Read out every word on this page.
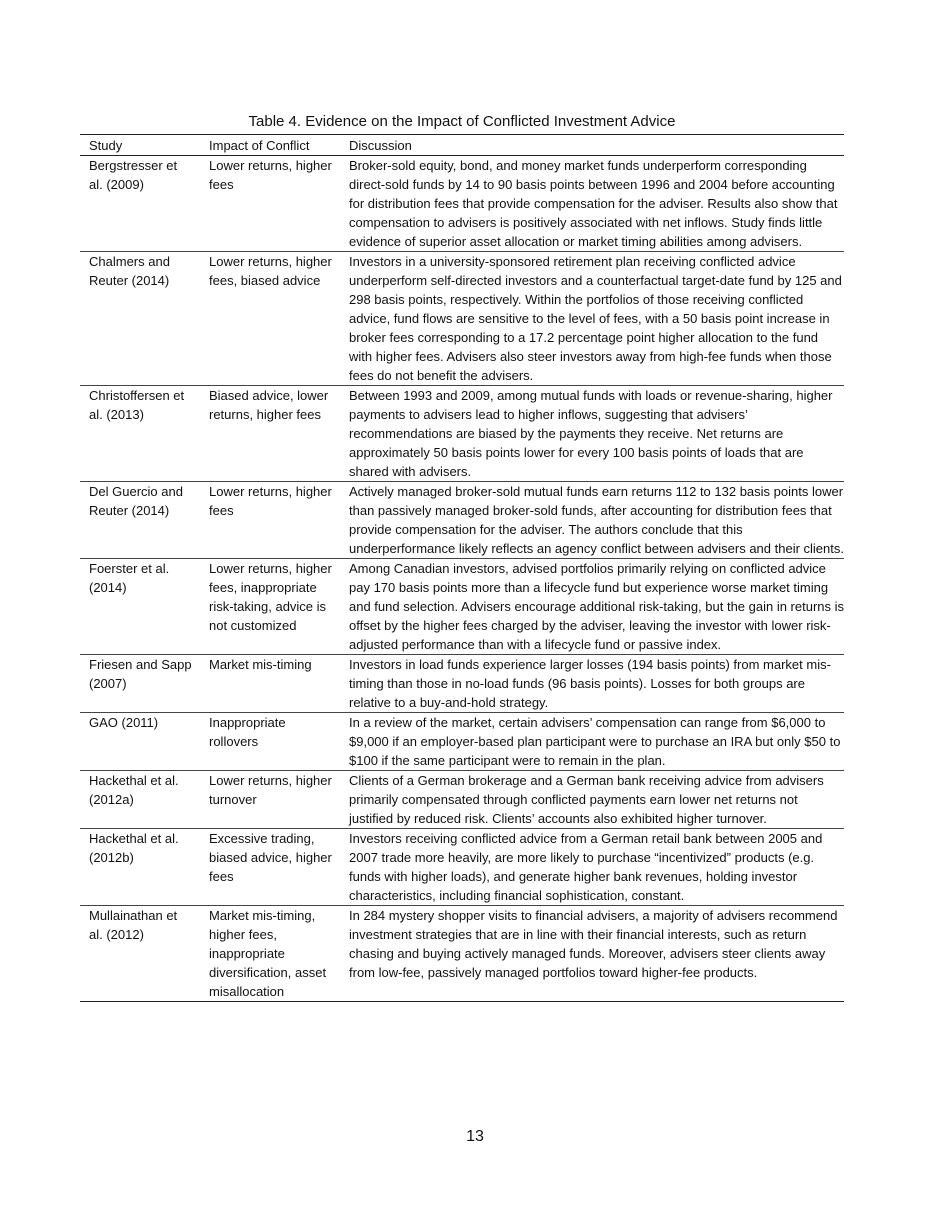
Table 4. Evidence on the Impact of Conflicted Investment Advice
Study	Impact of Conflict	Discussion
Bergstresser et al. (2009)	Lower returns, higher fees	Broker-sold equity, bond, and money market funds underperform corresponding direct-sold funds by 14 to 90 basis points between 1996 and 2004 before accounting for distribution fees that provide compensation for the adviser. Results also show that compensation to advisers is positively associated with net inflows. Study finds little evidence of superior asset allocation or market timing abilities among advisers.
Chalmers and Reuter (2014)	Lower returns, higher fees, biased advice	Investors in a university-sponsored retirement plan receiving conflicted advice underperform self-directed investors and a counterfactual target-date fund by 125 and 298 basis points, respectively. Within the portfolios of those receiving conflicted advice, fund flows are sensitive to the level of fees, with a 50 basis point increase in broker fees corresponding to a 17.2 percentage point higher allocation to the fund with higher fees. Advisers also steer investors away from high-fee funds when those fees do not benefit the advisers.
Christoffersen et al. (2013)	Biased advice, lower returns, higher fees	Between 1993 and 2009, among mutual funds with loads or revenue-sharing, higher payments to advisers lead to higher inflows, suggesting that advisers’ recommendations are biased by the payments they receive. Net returns are approximately 50 basis points lower for every 100 basis points of loads that are shared with advisers.
Del Guercio and Reuter (2014)	Lower returns, higher fees	Actively managed broker-sold mutual funds earn returns 112 to 132 basis points lower than passively managed broker-sold funds, after accounting for distribution fees that provide compensation for the adviser. The authors conclude that this underperformance likely reflects an agency conflict between advisers and their clients.
Foerster et al. (2014)	Lower returns, higher fees, inappropriate risk-taking, advice is not customized	Among Canadian investors, advised portfolios primarily relying on conflicted advice pay 170 basis points more than a lifecycle fund but experience worse market timing and fund selection. Advisers encourage additional risk-taking, but the gain in returns is offset by the higher fees charged by the adviser, leaving the investor with lower risk-adjusted performance than with a lifecycle fund or passive index.
Friesen and Sapp (2007)	Market mis-timing	Investors in load funds experience larger losses (194 basis points) from market mis-timing than those in no-load funds (96 basis points). Losses for both groups are relative to a buy-and-hold strategy.
GAO (2011)	Inappropriate rollovers	In a review of the market, certain advisers’ compensation can range from $6,000 to $9,000 if an employer-based plan participant were to purchase an IRA but only $50 to $100 if the same participant were to remain in the plan.
Hackethal et al. (2012a)	Lower returns, higher turnover	Clients of a German brokerage and a German bank receiving advice from advisers primarily compensated through conflicted payments earn lower net returns not justified by reduced risk. Clients’ accounts also exhibited higher turnover.
Hackethal et al. (2012b)	Excessive trading, biased advice, higher fees	Investors receiving conflicted advice from a German retail bank between 2005 and 2007 trade more heavily, are more likely to purchase “incentivized” products (e.g. funds with higher loads), and generate higher bank revenues, holding investor characteristics, including financial sophistication, constant.
Mullainathan et al. (2012)	Market mis-timing, higher fees, inappropriate diversification, asset misallocation	In 284 mystery shopper visits to financial advisers, a majority of advisers recommend investment strategies that are in line with their financial interests, such as return chasing and buying actively managed funds. Moreover, advisers steer clients away from low-fee, passively managed portfolios toward higher-fee products.
13
